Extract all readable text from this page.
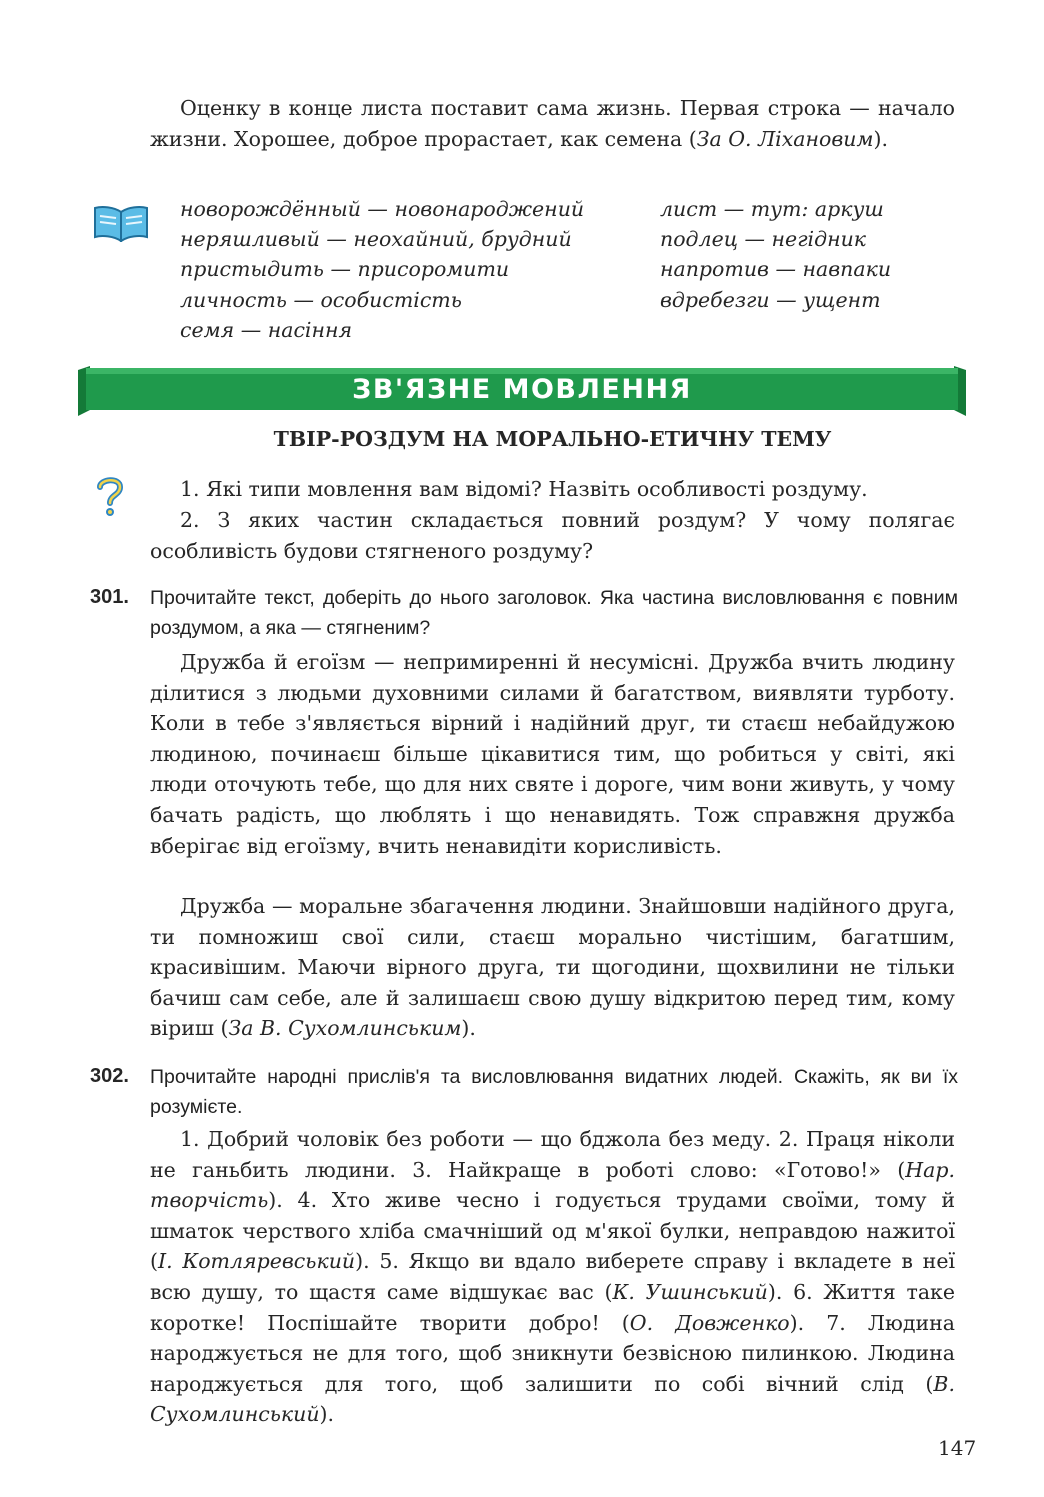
Оценку в конце листа поставит сама жизнь. Первая строка — начало жизни. Хорошее, доброе прорастает, как семена (За О. Ліхановим).

новорождённый — новонароджений
неряшливый — неохайний, брудний
пристыдить — присоромити
личность — особистість
семя — насіння
лист — тут: аркуш
подлец — негідник
напротив — навпаки
вдребезги — ущент
ЗВ'ЯЗНЕ МОВЛЕННЯ
ТВІР-РОЗДУМ НА МОРАЛЬНО-ЕТИЧНУ ТЕМУ

1. Які типи мовлення вам відомі? Назвіть особливості роздуму.

2. З яких частин складається повний роздум? У чому полягає особливість будови стягненого роздуму?

301. Прочитайте текст, доберіть до нього заголовок. Яка частина висловлювання є повним роздумом, а яка — стягненим?

Дружба й егоїзм — непримиренні й несумісні. Дружба вчить людину ділитися з людьми духовними силами й багатством, виявляти турботу. Коли в тебе з'являється вірний і надійний друг, ти стаєш небайдужою людиною, починаєш більше цікавитися тим, що робиться у світі, які люди оточують тебе, що для них святе і дороге, чим вони живуть, у чому бачать радість, що люблять і що ненавидять. Тож справжня дружба вберігає від егоїзму, вчить ненавидіти корисливість.

Дружба — моральне збагачення людини. Знайшовши надійного друга, ти помножиш свої сили, стаєш морально чистішим, багатшим, красивішим. Маючи вірного друга, ти щогодини, щохвилини не тільки бачиш сам себе, але й залишаєш свою душу відкритою перед тим, кому віриш (За В. Сухомлинським).

302. Прочитайте народні прислів'я та висловлювання видатних людей. Скажіть, як ви їх розумієте.

1. Добрий чоловік без роботи — що бджола без меду. 2. Праця ніколи не ганьбить людини. 3. Найкраще в роботі слово: «Готово!» (Нар. творчість). 4. Хто живе чесно і годується трудами своїми, тому й шматок черствого хліба смачніший од м'якої булки, неправдою нажитої (І. Котляревський). 5. Якщо ви вдало виберете справу і вкладете в неї всю душу, то щастя саме відшукає вас (К. Ушинський). 6. Життя таке коротке! Поспішайте творити добро! (О. Довженко). 7. Людина народжується не для того, щоб зникнути безвісною пилинкою. Людина народжується для того, щоб залишити по собі вічний слід (В. Сухомлинський).

147
